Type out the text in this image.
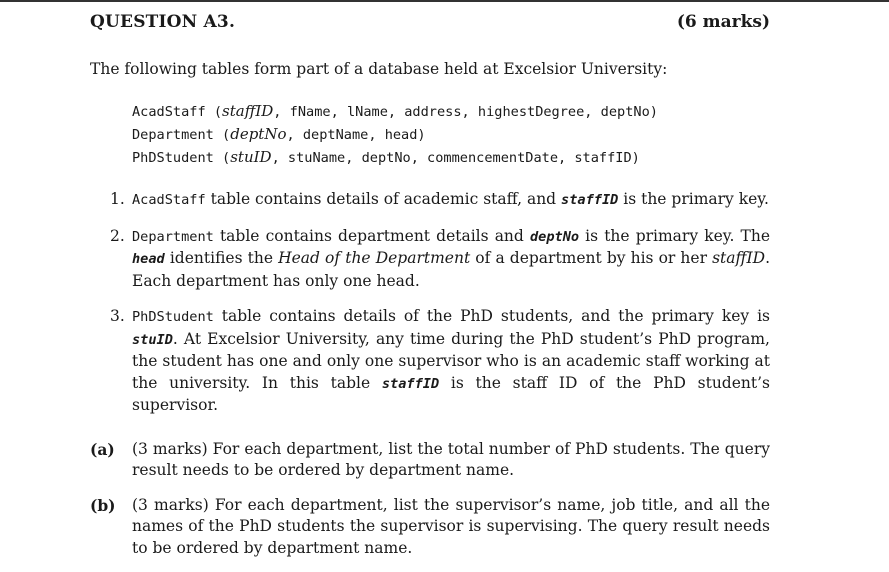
QUESTION A3.	(6 marks)
The following tables form part of a database held at Excelsior University:
AcadStaff (staffID, fName, lName, address, highestDegree, deptNo)
Department (deptNo, deptName, head)
PhDStudent (stuID, stuName, deptNo, commencementDate, staffID)
1. AcadStaff table contains details of academic staff, and staffID is the primary key.
2. Department table contains department details and deptNo is the primary key. The head identifies the Head of the Department of a department by his or her staffID. Each department has only one head.
3. PhDStudent table contains details of the PhD students, and the primary key is stuID. At Excelsior University, any time during the PhD student’s PhD program, the student has one and only one supervisor who is an academic staff working at the university. In this table staffID is the staff ID of the PhD student’s supervisor.
(a) (3 marks) For each department, list the total number of PhD students. The query result needs to be ordered by department name.
(b) (3 marks) For each department, list the supervisor’s name, job title, and all the names of the PhD students the supervisor is supervising. The query result needs to be ordered by department name.
